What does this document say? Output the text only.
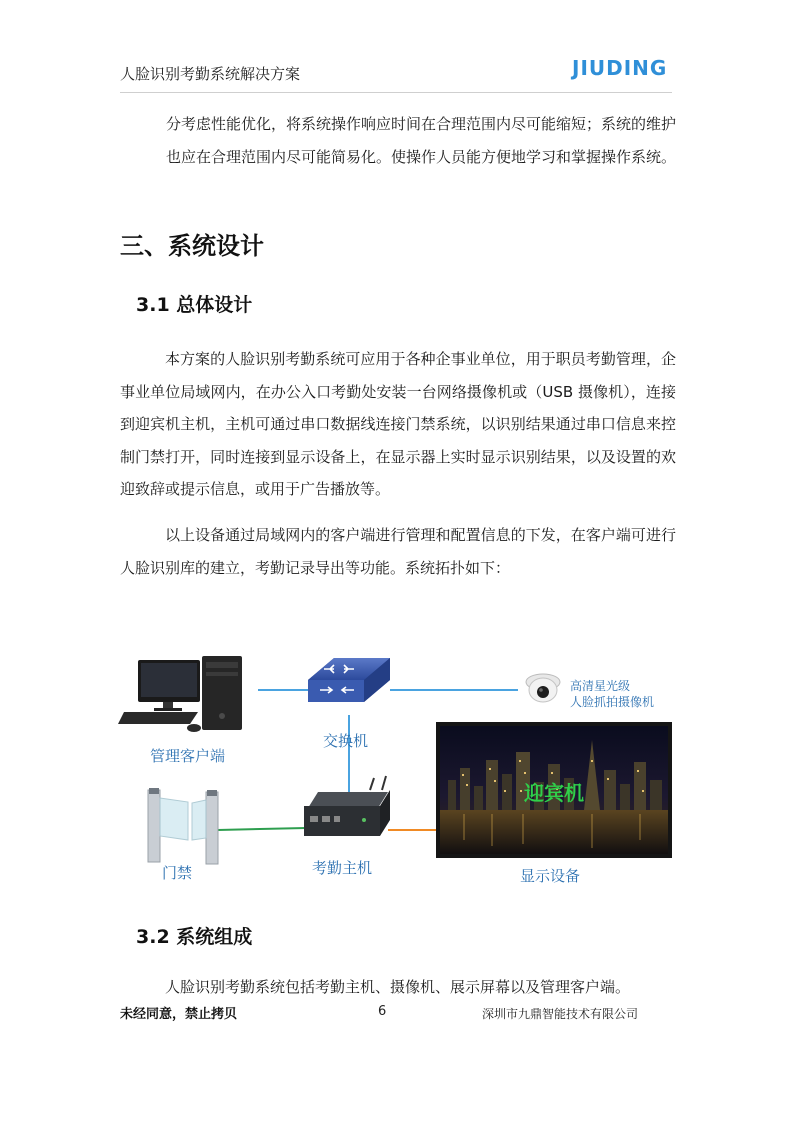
人脸识别考勤系统解决方案	JIUDING
分考虑性能优化，将系统操作响应时间在合理范围内尽可能缩短；系统的维护也应在合理范围内尽可能简易化。使操作人员能方便地学习和掌握操作系统。
三、系统设计
3.1 总体设计
本方案的人脸识别考勤系统可应用于各种企事业单位，用于职员考勤管理，企事业单位局域网内，在办公入口考勤处安装一台网络摄像机或（USB 摄像机），连接到迎宾机主机，主机可通过串口数据线连接门禁系统，以识别结果通过串口信息来控制门禁打开，同时连接到显示设备上，在显示器上实时显示识别结果，以及设置的欢迎致辞或提示信息，或用于广告播放等。
以上设备通过局域网内的客户端进行管理和配置信息的下发，在客户端可进行人脸识别库的建立，考勤记录导出等功能。系统拓扑如下：
管理客户端
交换机
高清星光级
人脸抓拍摄像机
门禁	考勤主机
迎宾机
显示设备
3.2 系统组成
人脸识别考勤系统包括考勤主机、摄像机、展示屏幕以及管理客户端。
未经同意，禁止拷贝	6	深圳市九鼎智能技术有限公司
